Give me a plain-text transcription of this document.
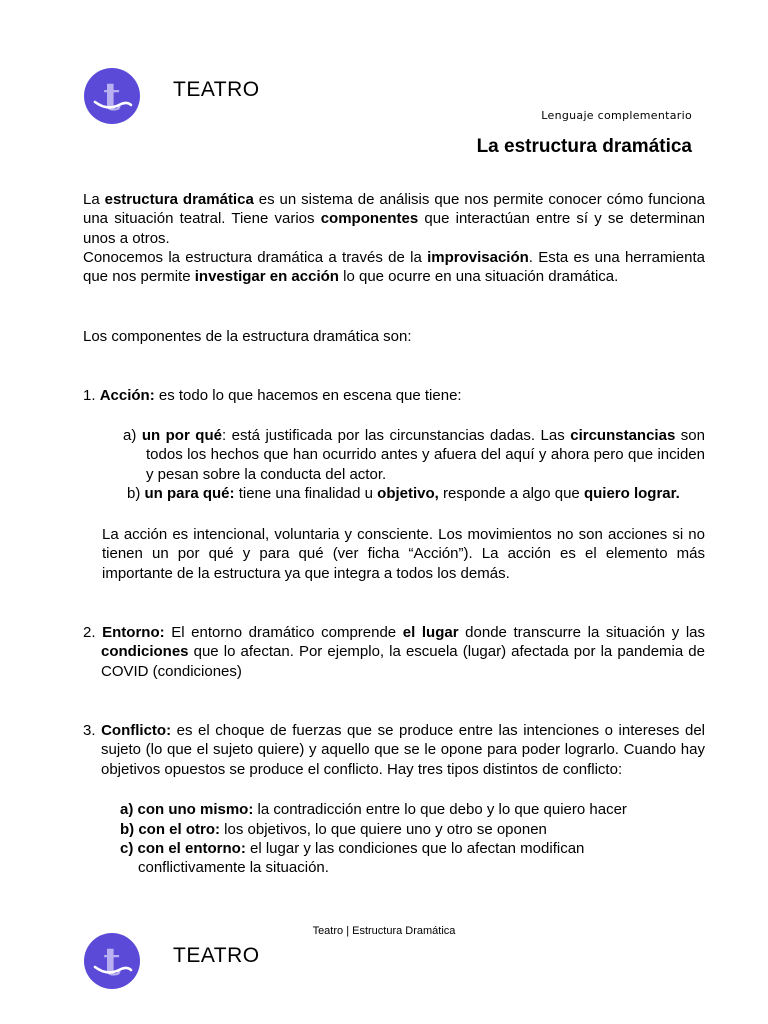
t TEATRO
Lenguaje complementario
La estructura dramática
La estructura dramática es un sistema de análisis que nos permite conocer cómo funciona una situación teatral. Tiene varios componentes que interactúan entre sí y se determinan unos a otros.
Conocemos la estructura dramática a través de la improvisación. Esta es una herramienta que nos permite investigar en acción lo que ocurre en una situación dramática.
Los componentes de la estructura dramática son:
1. Acción: es todo lo que hacemos en escena que tiene:
a) un por qué: está justificada por las circunstancias dadas. Las circunstancias son todos los hechos que han ocurrido antes y afuera del aquí y ahora pero que inciden y pesan sobre la conducta del actor.
b) un para qué: tiene una finalidad u objetivo, responde a algo que quiero lograr.
La acción es intencional, voluntaria y consciente. Los movimientos no son acciones si no tienen un por qué y para qué (ver ficha “Acción”). La acción es el elemento más importante de la estructura ya que integra a todos los demás.
2. Entorno: El entorno dramático comprende el lugar donde transcurre la situación y las condiciones que lo afectan. Por ejemplo, la escuela (lugar) afectada por la pandemia de COVID (condiciones)
3. Conflicto: es el choque de fuerzas que se produce entre las intenciones o intereses del sujeto (lo que el sujeto quiere) y aquello que se le opone para poder lograrlo. Cuando hay objetivos opuestos se produce el conflicto. Hay tres tipos distintos de conflicto:
a) con uno mismo: la contradicción entre lo que debo y lo que quiero hacer
b) con el otro: los objetivos, lo que quiere uno y otro se oponen
c) con el entorno: el lugar y las condiciones que lo afectan modifican conflictivamente la situación.
Teatro | Estructura Dramática
t TEATRO
